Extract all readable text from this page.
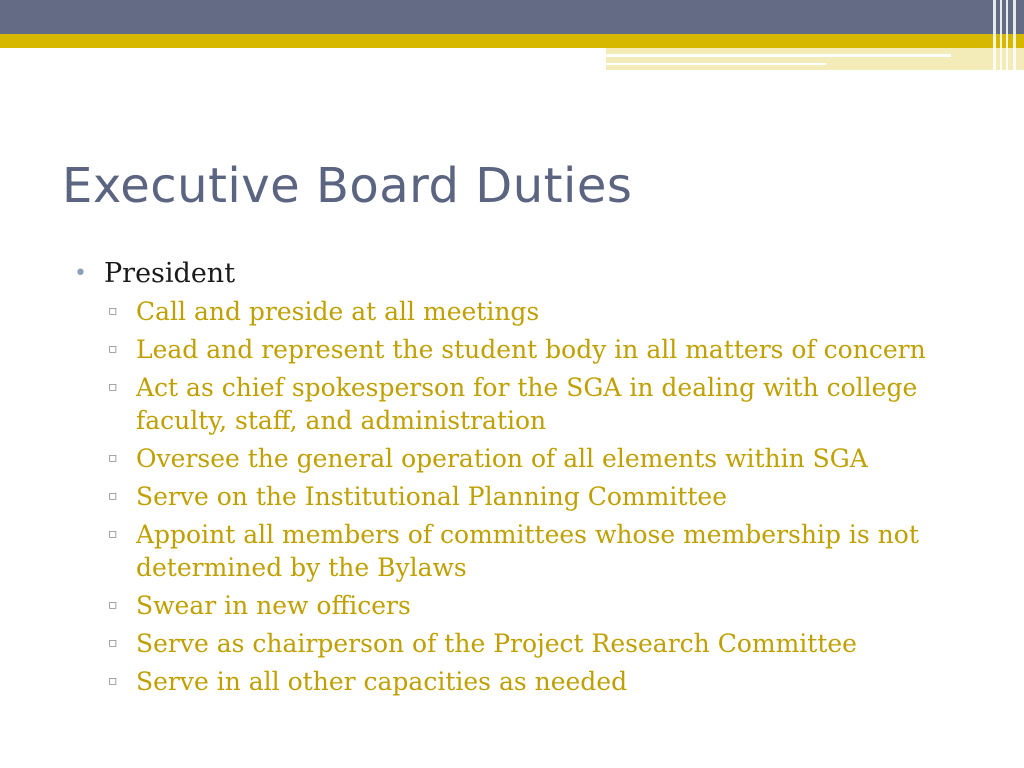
Executive Board Duties
• President
▫ Call and preside at all meetings
▫ Lead and represent the student body in all matters of concern
▫ Act as chief spokesperson for the SGA in dealing with college faculty, staff, and administration
▫ Oversee the general operation of all elements within SGA
▫ Serve on the Institutional Planning Committee
▫ Appoint all members of committees whose membership is not determined by the Bylaws
▫ Swear in new officers
▫ Serve as chairperson of the Project Research Committee
▫ Serve in all other capacities as needed
